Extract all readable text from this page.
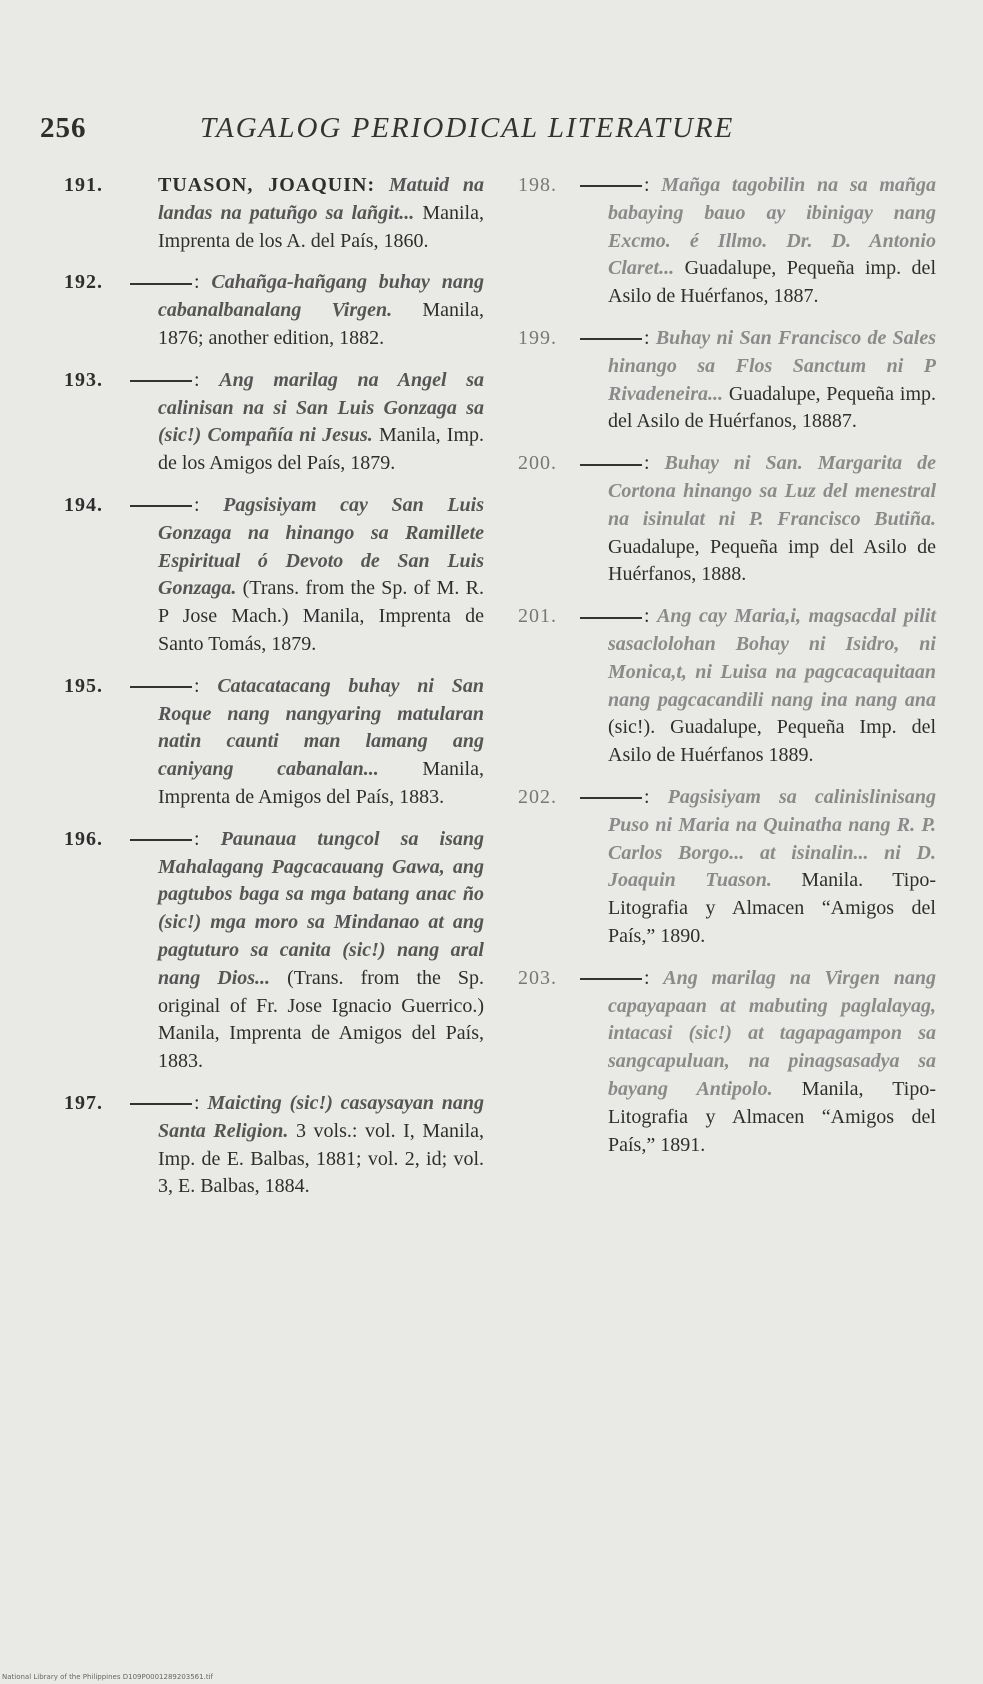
256	TAGALOG PERIODICAL LITERATURE
191.	TUASON, JOAQUIN: Matuid na landas na patuñgo sa lañgit... Manila, Imprenta de los A. del País, 1860.
192.	: Cahañga-hañgang buhay nang cabanalbanalang Virgen. Manila, 1876; another edition, 1882.
193.	: Ang marilag na Angel sa calinisan na si San Luis Gonzaga sa (sic!) Compañía ni Jesus. Manila, Imp. de los Amigos del País, 1879.
194.	: Pagsisiyam cay San Luis Gonzaga na hinango sa Ramillete Espiritual ó Devoto de San Luis Gonzaga. (Trans. from the Sp. of M. R. P Jose Mach.) Manila, Imprenta de Santo Tomás, 1879.
195.	: Catacatacang buhay ni San Roque nang nangyaring matularan natin caunti man lamang ang caniyang cabanalan... Manila, Imprenta de Amigos del País, 1883.
196.	: Paunaua tungcol sa isang Mahalagang Pagcacauang Gawa, ang pagtubos baga sa mga batang anac ño (sic!) mga moro sa Mindanao at ang pagtuturo sa canita (sic!) nang aral nang Dios... (Trans. from the Sp. original of Fr. Jose Ignacio Guerrico.) Manila, Imprenta de Amigos del País, 1883.
197.	: Maicting (sic!) casaysayan nang Santa Religion. 3 vols.: vol. I, Manila, Imp. de E. Balbas, 1881; vol. 2, id; vol. 3, E. Balbas, 1884.
198.	: Mañga tagobilin na sa mañga babaying bauo ay ibinigay nang Excmo. é Illmo. Dr. D. Antonio Claret... Guadalupe, Pequeña imp. del Asilo de Huérfanos, 1887.
199.	: Buhay ni San Francisco de Sales hinango sa Flos Sanctum ni P Rivadeneira... Guadalupe, Pequeña imp. del Asilo de Huérfanos, 18887.
200.	: Buhay ni San. Margarita de Cortona hinango sa Luz del menestral na isinulat ni P. Francisco Butiña. Guadalupe, Pequeña imp del Asilo de Huérfanos, 1888.
201.	: Ang cay Maria,i, magsacdal pilit sasaclolohan Bohay ni Isidro, ni Monica,t, ni Luisa na pagcacaquitaan nang pagcacandili nang ina nang ana (sic!). Guadalupe, Pequeña Imp. del Asilo de Huérfanos 1889.
202.	: Pagsisiyam sa calinislinisang Puso ni Maria na Quinatha nang R. P. Carlos Borgo... at isinalin... ni D. Joaquin Tuason. Manila. Tipo-Litografia y Almacen “Amigos del País,” 1890.
203.	: Ang marilag na Virgen nang capayapaan at mabuting paglalayag, intacasi (sic!) at tagapagampon sa sangcapuluan, na pinagsasadya sa bayang Antipolo. Manila, Tipo-Litografia y Almacen “Amigos del País,” 1891.
National Library of the Philippines D109P0001289203561.tif
